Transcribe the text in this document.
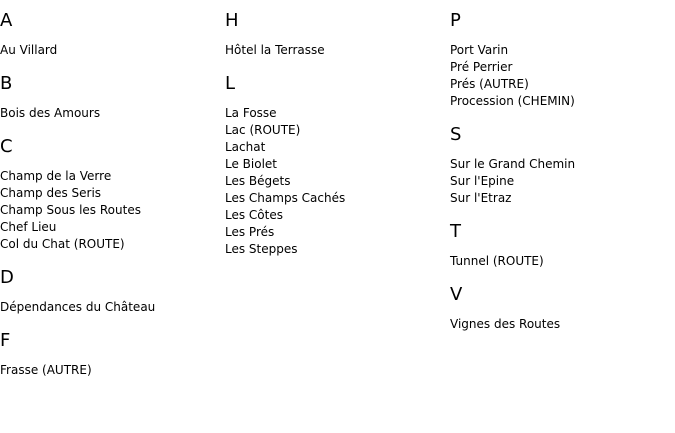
A
Au Villard
B
Bois des Amours
C
Champ de la Verre
Champ des Seris
Champ Sous les Routes
Chef Lieu
Col du Chat (ROUTE)
D
Dépendances du Château
F
Frasse (AUTRE)
H
Hôtel la Terrasse
L
La Fosse
Lac (ROUTE)
Lachat
Le Biolet
Les Bégets
Les Champs Cachés
Les Côtes
Les Prés
Les Steppes
P
Port Varin
Pré Perrier
Prés (AUTRE)
Procession (CHEMIN)
S
Sur le Grand Chemin
Sur l'Epine
Sur l'Etraz
T
Tunnel (ROUTE)
V
Vignes des Routes
